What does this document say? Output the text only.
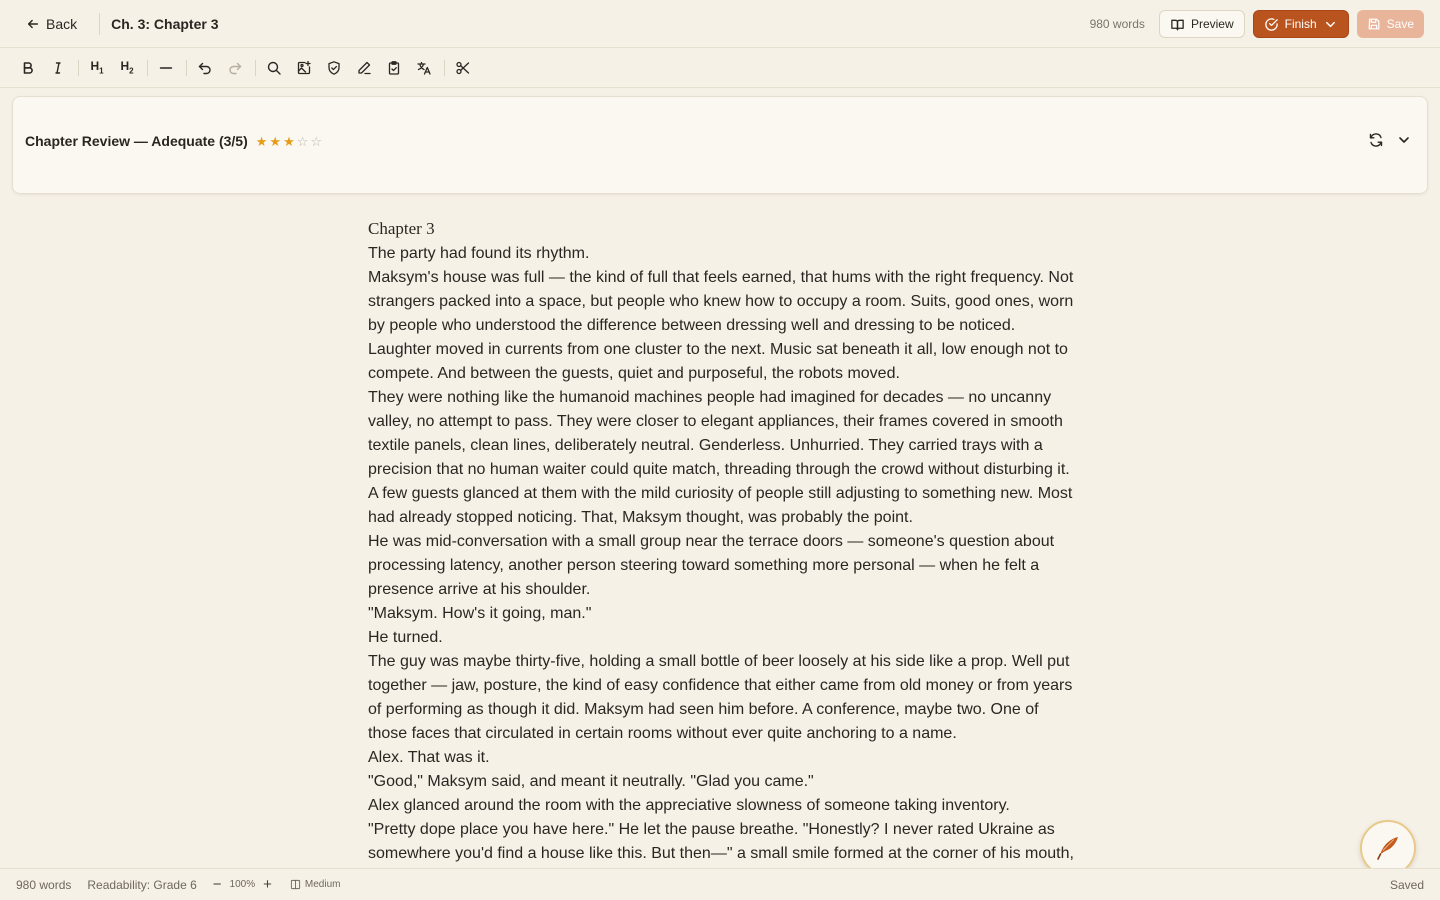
Back Ch. 3: Chapter 3	980 words	Preview	Finish	Save
$H_1$ $H_2$
Chapter Review — Adequate (3/5) ★ ★ ★ ☆ ☆
Chapter 3

The party had found its rhythm.

Maksym's house was full — the kind of full that feels earned, that hums with the right frequency. Not strangers packed into a space, but people who knew how to occupy a room. Suits, good ones, worn by people who understood the difference between dressing well and dressing to be noticed. Laughter moved in currents from one cluster to the next. Music sat beneath it all, low enough not to compete. And between the guests, quiet and purposeful, the robots moved.

They were nothing like the humanoid machines people had imagined for decades — no uncanny valley, no attempt to pass. They were closer to elegant appliances, their frames covered in smooth textile panels, clean lines, deliberately neutral. Genderless. Unhurried. They carried trays with a precision that no human waiter could quite match, threading through the crowd without disturbing it. A few guests glanced at them with the mild curiosity of people still adjusting to something new. Most had already stopped noticing. That, Maksym thought, was probably the point.

He was mid-conversation with a small group near the terrace doors — someone's question about processing latency, another person steering toward something more personal — when he felt a presence arrive at his shoulder.

"Maksym. How's it going, man."

He turned.

The guy was maybe thirty-five, holding a small bottle of beer loosely at his side like a prop. Well put together — jaw, posture, the kind of easy confidence that either came from old money or from years of performing as though it did. Maksym had seen him before. A conference, maybe two. One of those faces that circulated in certain rooms without ever quite anchoring to a name.

Alex. That was it.

"Good," Maksym said, and meant it neutrally. "Glad you came."

Alex glanced around the room with the appreciative slowness of someone taking inventory.

"Pretty dope place you have here." He let the pause breathe. "Honestly? I never rated Ukraine as somewhere you'd find a house like this. But then—" a small smile formed at the corner of his mouth,

980 words Readability: Grade 6 − 100% +	Medium	Saved
